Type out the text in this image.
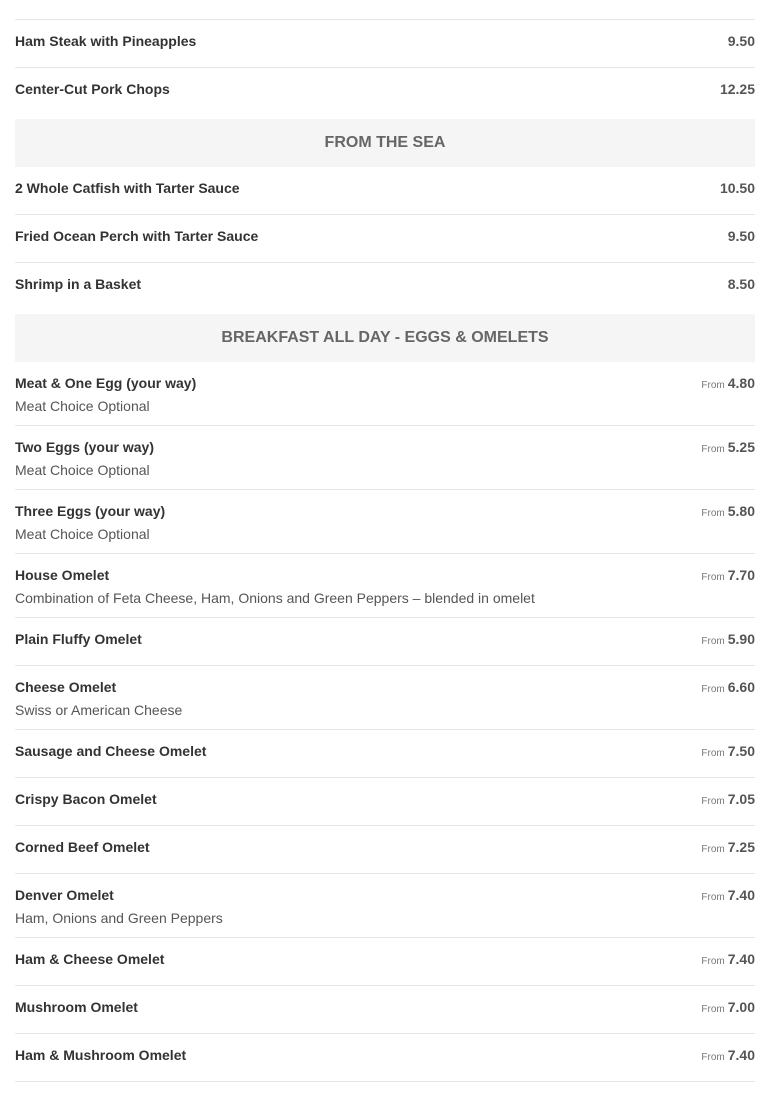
Ham Steak with Pineapples	9.50
Center-Cut Pork Chops	12.25
FROM THE SEA
2 Whole Catfish with Tarter Sauce	10.50
Fried Ocean Perch with Tarter Sauce	9.50
Shrimp in a Basket	8.50
BREAKFAST ALL DAY - EGGS & OMELETS
Meat & One Egg (your way)
Meat Choice Optional
From 4.80
Two Eggs (your way)
Meat Choice Optional
From 5.25
Three Eggs (your way)
Meat Choice Optional
From 5.80
House Omelet
Combination of Feta Cheese, Ham, Onions and Green Peppers – blended in omelet
From 7.70
Plain Fluffy Omelet	From 5.90
Cheese Omelet
Swiss or American Cheese
From 6.60
Sausage and Cheese Omelet	From 7.50
Crispy Bacon Omelet	From 7.05
Corned Beef Omelet	From 7.25
Denver Omelet
Ham, Onions and Green Peppers
From 7.40
Ham & Cheese Omelet	From 7.40
Mushroom Omelet	From 7.00
Ham & Mushroom Omelet	From 7.40
